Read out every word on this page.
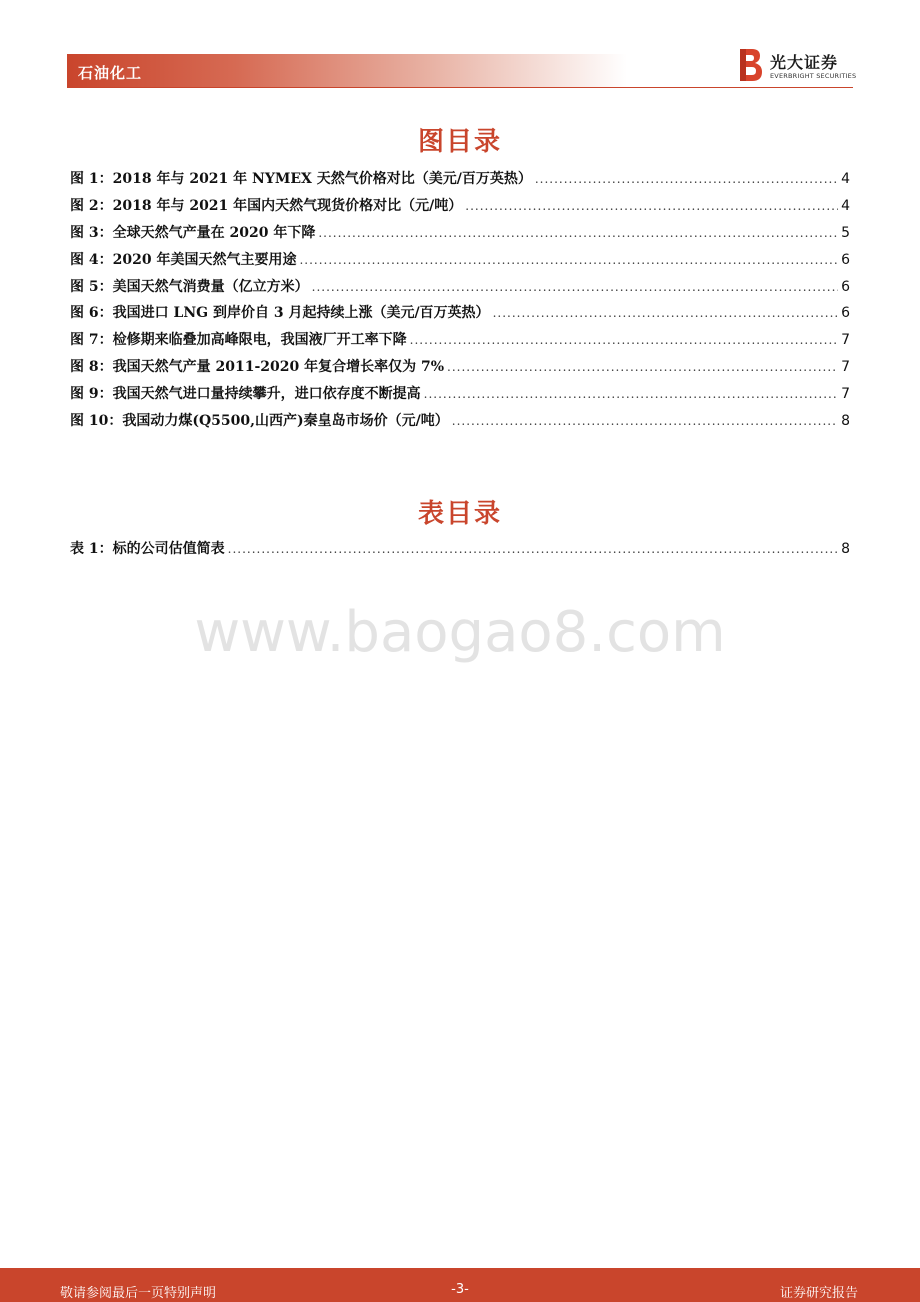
石油化工
光大证券
EVERBRIGHT SECURITIES
图目录
图 1：2018 年与 2021 年 NYMEX 天然气价格对比（美元/百万英热） .....	4
图 2：2018 年与 2021 年国内天然气现货价格对比（元/吨） .....	4
图 3：全球天然气产量在 2020 年下降 .....	5
图 4：2020 年美国天然气主要用途 .....	6
图 5：美国天然气消费量（亿立方米） .....	6
图 6：我国进口 LNG 到岸价自 3 月起持续上涨（美元/百万英热） .....	6
图 7：检修期来临叠加高峰限电，我国液厂开工率下降 .....	7
图 8：我国天然气产量 2011-2020 年复合增长率仅为 7% .....	7
图 9：我国天然气进口量持续攀升，进口依存度不断提高 .....	7
图 10：我国动力煤(Q5500,山西产)秦皇岛市场价（元/吨） .....	8
表目录
表 1：标的公司估值简表 .....	8
www.baogao8.com
敬请参阅最后一页特别声明	-3-	证券研究报告
